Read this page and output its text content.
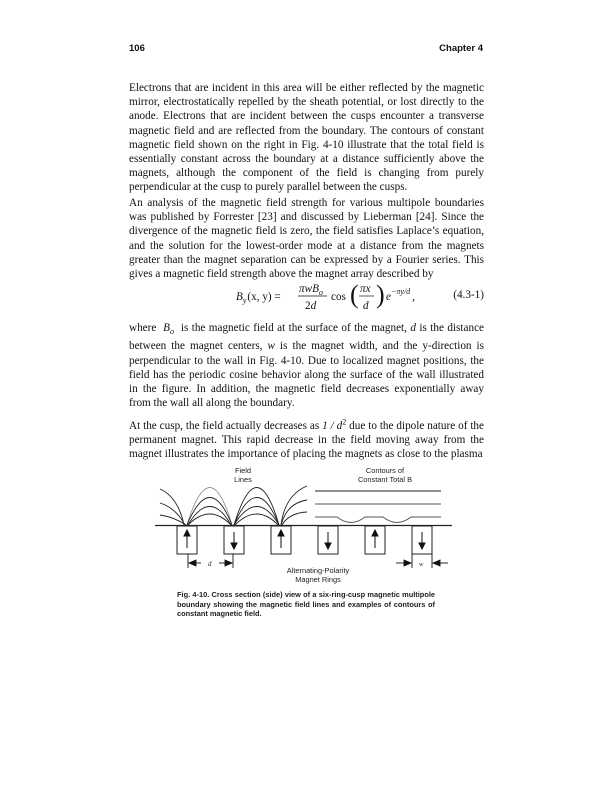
106	Chapter 4

Electrons that are incident in this area will be either reflected by the magnetic mirror, electrostatically repelled by the sheath potential, or lost directly to the anode. Electrons that are incident between the cusps encounter a transverse magnetic field and are reflected from the boundary. The contours of constant magnetic field shown on the right in Fig. 4-10 illustrate that the total field is essentially constant across the boundary at a distance sufficiently above the magnets, although the component of the field is changing from purely perpendicular at the cusp to purely parallel between the cusps.

An analysis of the magnetic field strength for various multipole boundaries was published by Forrester [23] and discussed by Lieberman [24]. Since the divergence of the magnetic field is zero, the field satisfies Laplace’s equation, and the solution for the lowest-order mode at a distance from the magnets greater than the magnet separation can be expressed by a Fourier series. This gives a magnetic field strength above the magnet array described by

$B_y(x$, y) =
πwB$_o$
2d
cos ( πx
d ) $e^{-\pi y/d}$ ,	(4.3-1)

where $B_o$ is the magnetic field at the surface of the magnet, d is the distance between the magnet centers, w is the magnet width, and the y-direction is perpendicular to the wall in Fig. 4-10. Due to localized magnet positions, the field has the periodic cosine behavior along the surface of the wall illustrated in the figure. In addition, the magnetic field decreases exponentially away from the wall all along the boundary.

At the cusp, the field actually decreases as $1 / d^2$ due to the dipole nature of the permanent magnet. This rapid decrease in the field moving away from the magnet illustrates the importance of placing the magnets as close to the plasma

d	w
Field
Lines
Contours of
Constant Total B
Alternating-Polarity
Magnet Rings

Fig. 4-10. Cross section (side) view of a six-ring-cusp magnetic multipole boundary showing the magnetic field lines and examples of contours of constant magnetic field.
